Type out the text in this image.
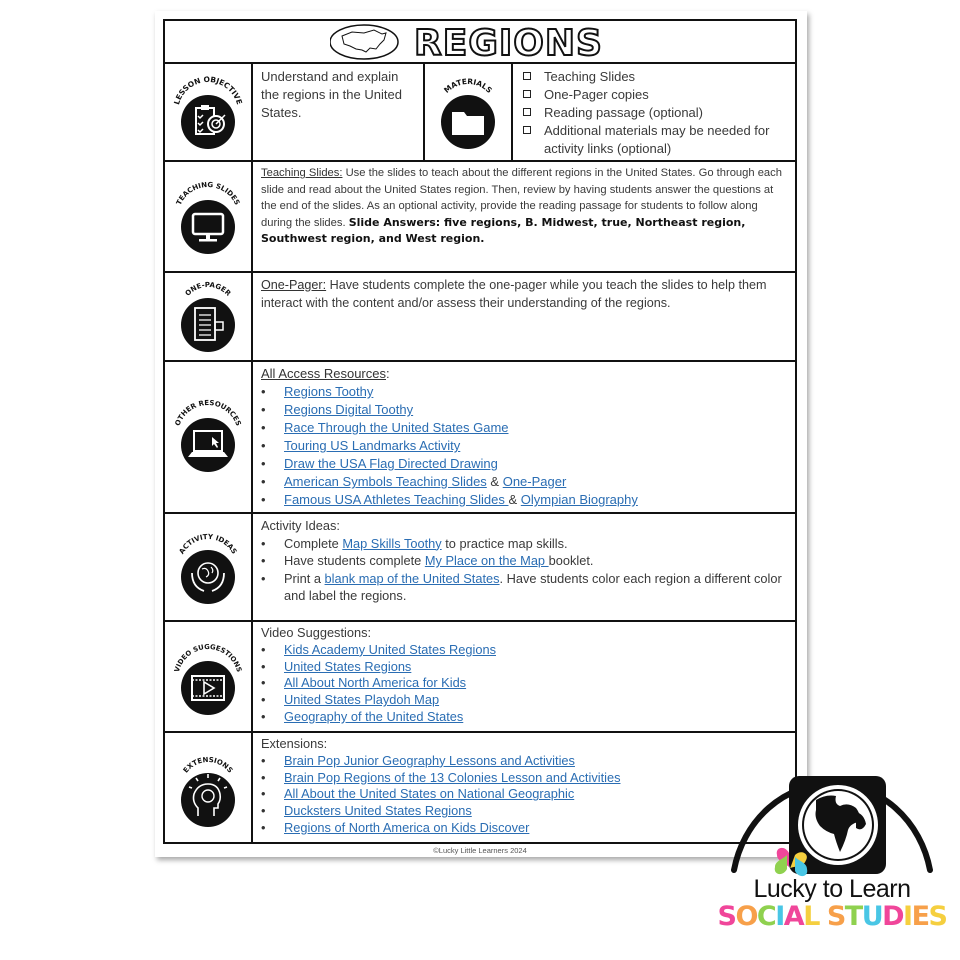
REGIONS
LESSON OBJECTIVE
Understand and explain the regions in the United States.
MATERIALS
Teaching Slides
One-Pager copies
Reading passage (optional)
Additional materials may be needed for activity links (optional)
TEACHING SLIDES
Teaching Slides: Use the slides to teach about the different regions in the United States. Go through each slide and read about the United States region. Then, review by having students answer the questions at the end of the slides. As an optional activity, provide the reading passage for students to follow along during the slides. Slide Answers: five regions, B. Midwest, true, Northeast region, Southwest region, and West region.
ONE-PAGER
One-Pager: Have students complete the one-pager while you teach the slides to help them interact with the content and/or assess their understanding of the regions.
OTHER RESOURCES
All Access Resources:
• Regions Toothy
• Regions Digital Toothy
• Race Through the United States Game
• Touring US Landmarks Activity
• Draw the USA Flag Directed Drawing
• American Symbols Teaching Slides & One-Pager
• Famous USA Athletes Teaching Slides & Olympian Biography
ACTIVITY IDEAS
Activity Ideas:
• Complete Map Skills Toothy to practice map skills.
• Have students complete My Place on the Map booklet.
• Print a blank map of the United States. Have students color each region a different color and label the regions.
VIDEO SUGGESTIONS
Video Suggestions:
• Kids Academy United States Regions
• United States Regions
• All About North America for Kids
• United States Playdoh Map
• Geography of the United States
EXTENSIONS
Extensions:
• Brain Pop Junior Geography Lessons and Activities
• Brain Pop Regions of the 13 Colonies Lesson and Activities
• All About the United States on National Geographic
• Ducksters United States Regions
• Regions of North America on Kids Discover
©Lucky Little Learners 2024
Lucky to Learn
SOCIAL STUDIES
